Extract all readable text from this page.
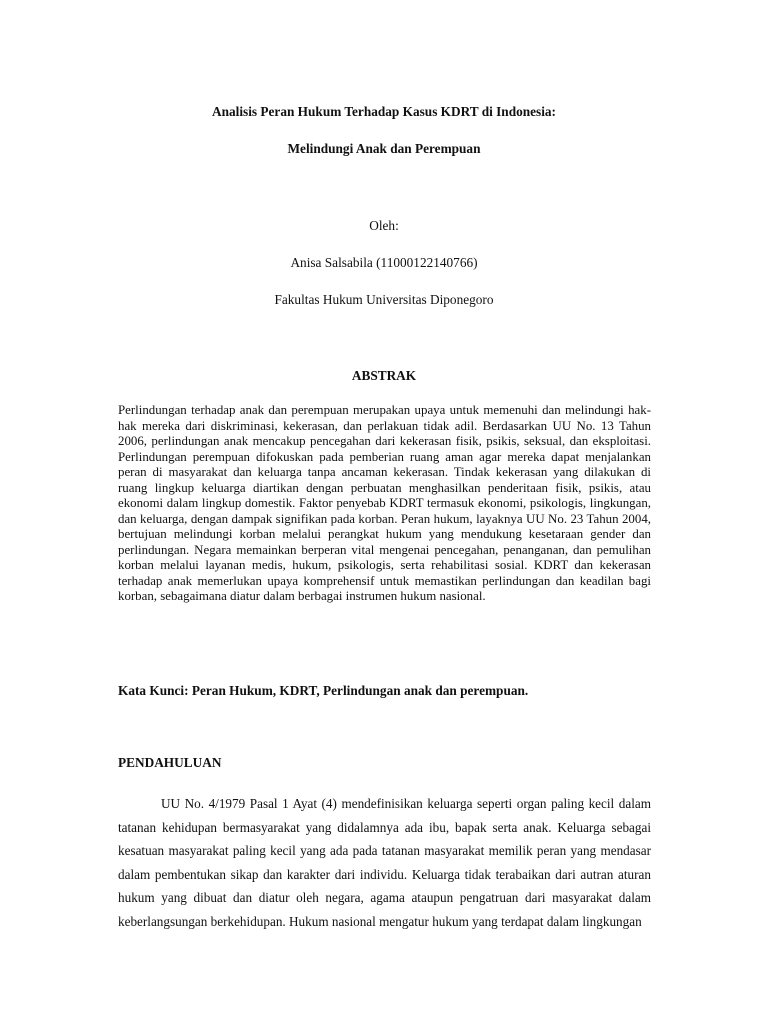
Analisis Peran Hukum Terhadap Kasus KDRT di Indonesia:
Melindungi Anak dan Perempuan
Oleh:
Anisa Salsabila (11000122140766)
Fakultas Hukum Universitas Diponegoro
ABSTRAK

Perlindungan terhadap anak dan perempuan merupakan upaya untuk memenuhi dan melindungi hak-hak mereka dari diskriminasi, kekerasan, dan perlakuan tidak adil. Berdasarkan UU No. 13 Tahun 2006, perlindungan anak mencakup pencegahan dari kekerasan fisik, psikis, seksual, dan eksploitasi. Perlindungan perempuan difokuskan pada pemberian ruang aman agar mereka dapat menjalankan peran di masyarakat dan keluarga tanpa ancaman kekerasan. Tindak kekerasan yang dilakukan di ruang lingkup keluarga diartikan dengan perbuatan menghasilkan penderitaan fisik, psikis, atau ekonomi dalam lingkup domestik. Faktor penyebab KDRT termasuk ekonomi, psikologis, lingkungan, dan keluarga, dengan dampak signifikan pada korban. Peran hukum, layaknya UU No. 23 Tahun 2004, bertujuan melindungi korban melalui perangkat hukum yang mendukung kesetaraan gender dan perlindungan. Negara memainkan berperan vital mengenai pencegahan, penanganan, dan pemulihan korban melalui layanan medis, hukum, psikologis, serta rehabilitasi sosial. KDRT dan kekerasan terhadap anak memerlukan upaya komprehensif untuk memastikan perlindungan dan keadilan bagi korban, sebagaimana diatur dalam berbagai instrumen hukum nasional.

Kata Kunci: Peran Hukum, KDRT, Perlindungan anak dan perempuan.
PENDAHULUAN

UU No. 4/1979 Pasal 1 Ayat (4) mendefinisikan keluarga seperti organ paling kecil dalam tatanan kehidupan bermasyarakat yang didalamnya ada ibu, bapak serta anak. Keluarga sebagai kesatuan masyarakat paling kecil yang ada pada tatanan masyarakat memilik peran yang mendasar dalam pembentukan sikap dan karakter dari individu. Keluarga tidak terabaikan dari autran aturan hukum yang dibuat dan diatur oleh negara, agama ataupun pengatruan dari masyarakat dalam keberlangsungan berkehidupan. Hukum nasional mengatur hukum yang terdapat dalam lingkungan
